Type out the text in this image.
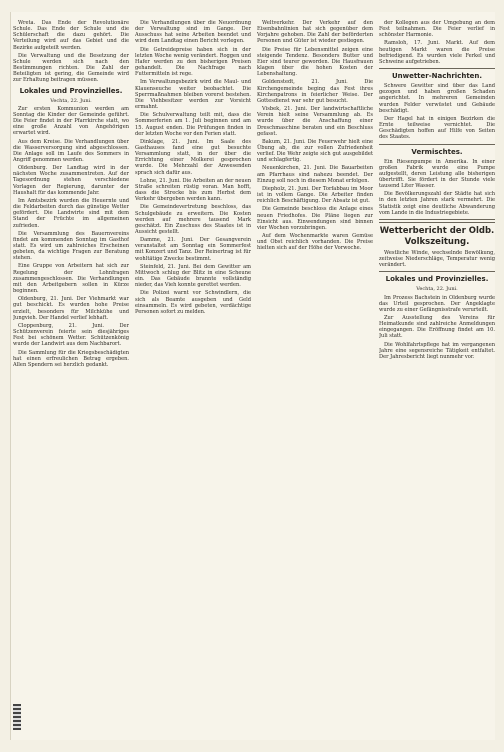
Wreta. Das Ende der Revolutionäre Schule. Das Ende der Schule und die Schülerschaft die dazu gehört. Die Verteilung wird auf das Gebiet und die Bezirke aufgeteilt werden.

Die Verwaltung und die Besetzung der Schule werden sich nach den Bestimmungen richten. Die Zahl der Beteiligten ist gering, die Gemeinde wird zur Erhaltung beitragen müssen.

Lokales und Provinzielles.
Vechta, 22. Juni.

Zur ersten Kommunion werden am Sonntag die Kinder der Gemeinde geführt. Die Feier findet in der Pfarrkirche statt, wo eine große Anzahl von Angehörigen erwartet wird.

Aus dem Kreise. Die Verhandlungen über die Wasserversorgung sind abgeschlossen. Die Anlage soll im Laufe des Sommers in Angriff genommen werden.

Oldenburg. Der Landtag wird in der nächsten Woche zusammentreten. Auf der Tagesordnung stehen verschiedene Vorlagen der Regierung, darunter der Haushalt für das kommende Jahr.

Im Amtsbezirk wurden die Heuernte und die Feldarbeiten durch das günstige Wetter gefördert. Die Landwirte sind mit dem Stand der Früchte im allgemeinen zufrieden.

Die Versammlung des Bauernvereins findet am kommenden Sonntag im Gasthof statt. Es wird um zahlreiches Erscheinen gebeten, da wichtige Fragen zur Beratung stehen.

Eine Gruppe von Arbeitern hat sich zur Regelung der Lohnfragen zusammengeschlossen. Die Verhandlungen mit den Arbeitgebern sollen in Kürze beginnen.

Oldenburg, 21. Juni. Der Viehmarkt war gut beschickt. Es wurden hohe Preise erzielt, besonders für Milchkühe und Jungvieh. Der Handel verlief lebhaft.

Cloppenburg, 21. Juni. Der Schützenverein feierte sein diesjähriges Fest bei schönem Wetter. Schützenkönig wurde der Landwirt aus dem Nachbarort.

Die Sammlung für die Kriegsbeschädigten hat einen erfreulichen Betrag ergeben. Allen Spendern sei herzlich gedankt.

Die Verhandlungen über die Neuordnung der Verwaltung sind im Gange. Der Ausschuss hat seine Arbeiten beendet und wird dem Landtag einen Bericht vorlegen.

Die Getreidepreise haben sich in der letzten Woche wenig verändert. Roggen und Hafer werden zu den bisherigen Preisen gehandelt. Die Nachfrage nach Futtermitteln ist rege.

Im Verwaltungsbezirk wird die Maul- und Klauenseuche weiter beobachtet. Die Sperrmaßnahmen bleiben vorerst bestehen. Die Viehbesitzer werden zur Vorsicht ermahnt.

Die Schulverwaltung teilt mit, dass die Sommerferien am 1. Juli beginnen und am 15. August enden. Die Prüfungen finden in der letzten Woche vor den Ferien statt.

Dinklage, 21. Juni. Im Saale des Gasthauses fand eine gut besuchte Versammlung statt, in der über die Errichtung einer Molkerei gesprochen wurde. Die Mehrzahl der Anwesenden sprach sich dafür aus.

Lohne, 21. Juni. Die Arbeiten an der neuen Straße schreiten rüstig voran. Man hofft, dass die Strecke bis zum Herbst dem Verkehr übergeben werden kann.

Die Gemeindevertretung beschloss, das Schulgebäude zu erweitern. Die Kosten werden auf mehrere tausend Mark geschätzt. Ein Zuschuss des Staates ist in Aussicht gestellt.

Damme, 21. Juni. Der Gesangverein veranstaltet am Sonntag ein Sommerfest mit Konzert und Tanz. Der Reinertrag ist für wohltätige Zwecke bestimmt.

Steinfeld, 21. Juni. Bei dem Gewitter am Mittwoch schlug der Blitz in eine Scheune ein. Das Gebäude brannte vollständig nieder, das Vieh konnte gerettet werden.

Die Polizei warnt vor Schwindlern, die sich als Beamte ausgeben und Geld einsammeln. Es wird gebeten, verdächtige Personen sofort zu melden.

Weltverkehr. Der Verkehr auf den Eisenbahnlinien hat sich gegenüber dem Vorjahre gehoben. Die Zahl der beförderten Personen und Güter ist wieder gestiegen.

Die Preise für Lebensmittel zeigen eine steigende Tendenz. Besonders Butter und Eier sind teurer geworden. Die Hausfrauen klagen über die hohen Kosten der Lebenshaltung.

Goldenstedt, 21. Juni. Die Kirchengemeinde beging das Fest ihres Kirchenpatrons in feierlicher Weise. Der Gottesdienst war sehr gut besucht.

Visbek, 21. Juni. Der landwirtschaftliche Verein hielt seine Versammlung ab. Es wurde über die Anschaffung einer Dreschmaschine beraten und ein Beschluss gefasst.

Bakum, 21. Juni. Die Feuerwehr hielt eine Übung ab, die zur vollen Zufriedenheit verlief. Die Wehr zeigte sich gut ausgebildet und schlagfertig.

Neuenkirchen, 21. Juni. Die Bauarbeiten am Pfarrhaus sind nahezu beendet. Der Einzug soll noch in diesem Monat erfolgen.

Diepholz, 21. Juni. Der Torfabbau im Moor ist in vollem Gange. Die Arbeiter finden reichlich Beschäftigung. Der Absatz ist gut.

Die Gemeinde beschloss die Anlage eines neuen Friedhofes. Die Pläne liegen zur Einsicht aus. Einwendungen sind binnen vier Wochen vorzubringen.

Auf dem Wochenmarkte waren Gemüse und Obst reichlich vorhanden. Die Preise hielten sich auf der Höhe der Vorwoche.

der Kollegen aus der Umgebung an dem Fest teilnahmen. Die Feier verlief in schönster Harmonie.

Ramsloh, 17. Juni. Markt. Auf dem heutigen Markt waren die Preise befriedigend. Es wurden viele Ferkel und Schweine aufgetrieben.

Unwetter-Nachrichten.

Schwere Gewitter sind über das Land gezogen und haben großen Schaden angerichtet. In mehreren Gemeinden wurden Felder verwüstet und Gebäude beschädigt.

Der Hagel hat in einigen Bezirken die Ernte teilweise vernichtet. Die Geschädigten hoffen auf Hilfe von Seiten des Staates.

Vermischtes.

Ein Riesenpumpe in Amerika. In einer großen Fabrik wurde eine Pumpe aufgestellt, deren Leistung alle bisherigen übertrifft. Sie fördert in der Stunde viele tausend Liter Wasser.

Die Bevölkerungszahl der Städte hat sich in den letzten Jahren stark vermehrt. Die Statistik zeigt eine deutliche Abwanderung vom Lande in die Industriegebiete.

Wetterbericht der Oldb. Volkszeitung.

Westliche Winde, wechselnde Bewölkung, zeitweise Niederschläge, Temperatur wenig verändert.

Lokales und Provinzielles.
Vechta, 22. Juni.

Im Prozess Bachstein in Oldenburg wurde das Urteil gesprochen. Der Angeklagte wurde zu einer Gefängnisstrafe verurteilt.

Zur Ausstellung des Vereins für Heimatkunde sind zahlreiche Anmeldungen eingegangen. Die Eröffnung findet am 10. Juli statt.

Die Wohlfahrtspflege hat im vergangenen Jahre eine segensreiche Tätigkeit entfaltet. Der Jahresbericht liegt nunmehr vor.
